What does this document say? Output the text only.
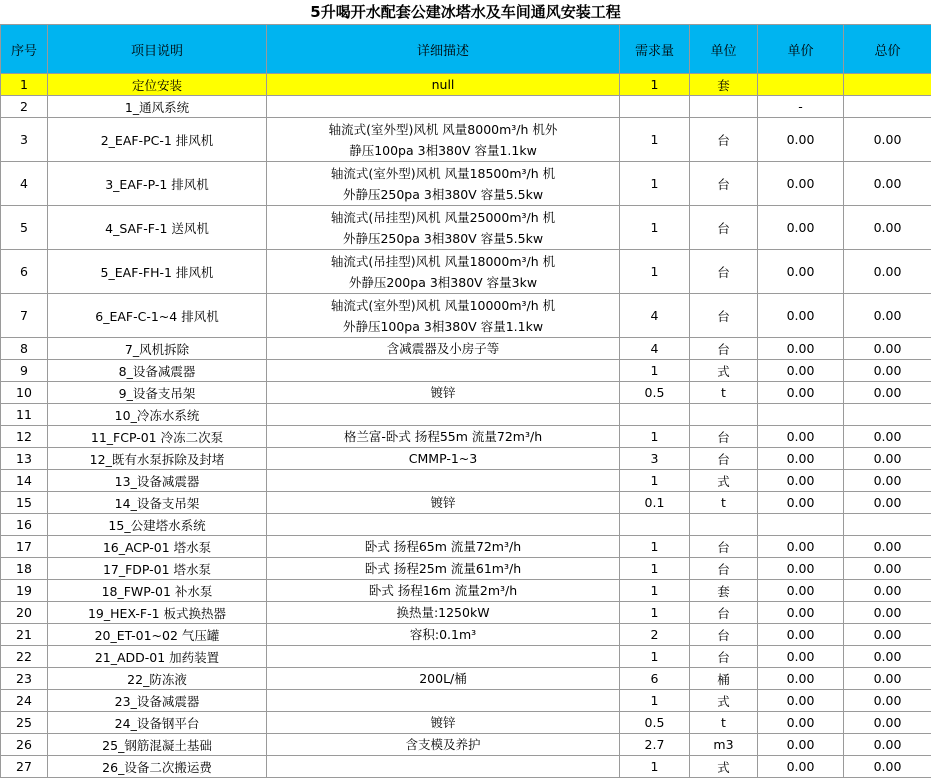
5升喝开水配套公建冰塔水及车间通风安装工程
序号	项目说明	详细描述	需求量	单位	单价	总价
1	定位安装	null	1	套		
2	1_通风系统				-	
3	2_EAF-PC-1 排风机	轴流式(室外型)风机 风量8000m³/h 机外
静压100pa 3相380V 容量1.1kw	1	台	0.00	0.00
4	3_EAF-P-1 排风机	轴流式(室外型)风机 风量18500m³/h 机
外静压250pa 3相380V 容量5.5kw	1	台	0.00	0.00
5	4_SAF-F-1 送风机	轴流式(吊挂型)风机 风量25000m³/h 机
外静压250pa 3相380V 容量5.5kw	1	台	0.00	0.00
6	5_EAF-FH-1 排风机	轴流式(吊挂型)风机 风量18000m³/h 机
外静压200pa 3相380V 容量3kw	1	台	0.00	0.00
7	6_EAF-C-1~4 排风机	轴流式(室外型)风机 风量10000m³/h 机
外静压100pa 3相380V 容量1.1kw	4	台	0.00	0.00
8	7_风机拆除	含减震器及小房子等	4	台	0.00	0.00
9	8_设备减震器		1	式	0.00	0.00
10	9_设备支吊架	镀锌	0.5	t	0.00	0.00
11	10_冷冻水系统	

12	11_FCP-01 冷冻二次泵	格兰富-卧式 扬程55m 流量72m³/h	1	台	0.00	0.00
13	12_既有水泵拆除及封堵	CMMP-1~3	3	台	0.00	0.00
14	13_设备减震器		1	式	0.00	0.00
15	14_设备支吊架	镀锌	0.1	t	0.00	0.00
16	15_公建塔水系统	

17	16_ACP-01 塔水泵	卧式 扬程65m 流量72m³/h	1	台	0.00	0.00
18	17_FDP-01 塔水泵	卧式 扬程25m 流量61m³/h	1	台	0.00	0.00
19	18_FWP-01 补水泵	卧式 扬程16m 流量2m³/h	1	套	0.00	0.00
20	19_HEX-F-1 板式换热器	换热量:1250kW	1	台	0.00	0.00
21	20_ET-01~02 气压罐	容积:0.1m³	2	台	0.00	0.00
22	21_ADD-01 加药装置		1	台	0.00	0.00
23	22_防冻液	200L/桶	6	桶	0.00	0.00
24	23_设备减震器		1	式	0.00	0.00
25	24_设备钢平台	镀锌	0.5	t	0.00	0.00
26	25_钢筋混凝土基础	含支模及养护	2.7	m3	0.00	0.00
27	26_设备二次搬运费		1	式	0.00	0.00
